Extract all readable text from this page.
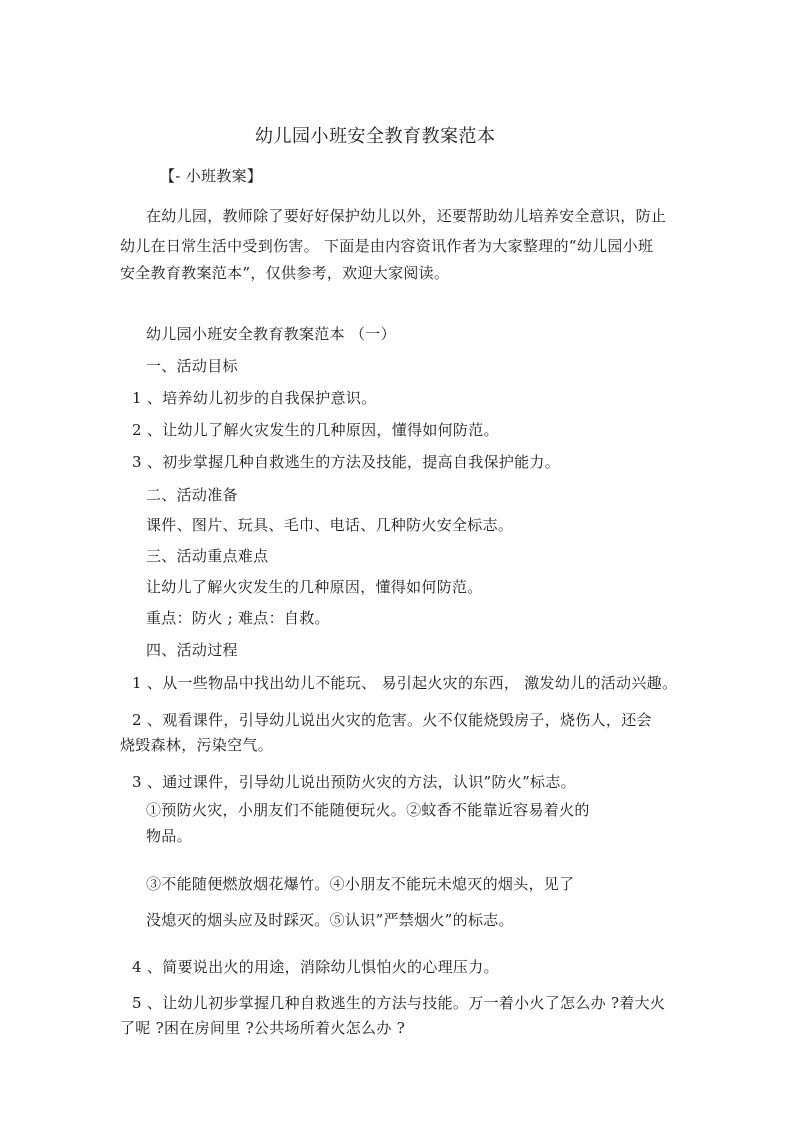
幼儿园小班安全教育教案范本
【- 小班教案】
在幼儿园，教师除了要好好保护幼儿以外，还要帮助幼儿培养安全意识，防止
幼儿在日常生活中受到伤害。 下面是由内容资讯作者为大家整理的“幼儿园小班
安全教育教案范本”，仅供参考，欢迎大家阅读。
幼儿园小班安全教育教案范本 （一）
一、活动目标
1 、培养幼儿初步的自我保护意识。
2 、让幼儿了解火灾发生的几种原因，懂得如何防范。
3 、初步掌握几种自救逃生的方法及技能，提高自我保护能力。
二、活动准备
课件、图片、玩具、毛巾、电话、几种防火安全标志。
三、活动重点难点
让幼儿了解火灾发生的几种原因，懂得如何防范。
重点：防火 ; 难点：自救。
四、活动过程
1 、从一些物品中找出幼儿不能玩、 易引起火灾的东西， 激发幼儿的活动兴趣。
2 、观看课件，引导幼儿说出火灾的危害。火不仅能烧毁房子，烧伤人，还会
烧毁森林，污染空气。
3 、通过课件，引导幼儿说出预防火灾的方法，认识”防火”标志。
①预防火灾，小朋友们不能随便玩火。②蚊香不能靠近容易着火的
物品。
③不能随便燃放烟花爆竹。④小朋友不能玩未熄灭的烟头，见了
没熄灭的烟头应及时踩灭。⑤认识”严禁烟火”的标志。
4 、简要说出火的用途，消除幼儿惧怕火的心理压力。
5 、让幼儿初步掌握几种自救逃生的方法与技能。万一着小火了怎么办 ?着大火
了呢 ?困在房间里 ?公共场所着火怎么办 ?
